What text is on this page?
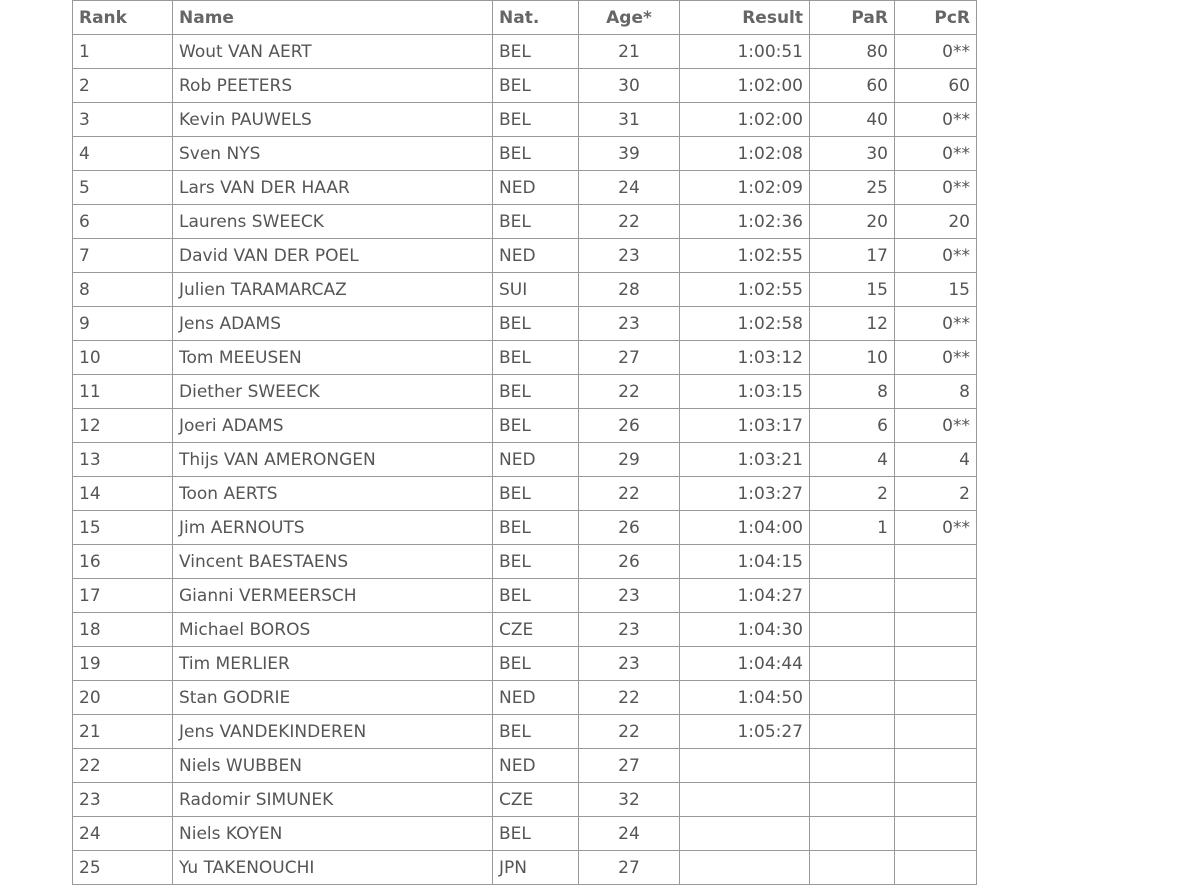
Rank	Name	Nat.	Age*	Result	PaR	PcR
1	Wout VAN AERT	BEL	21	1:00:51	80	0**
2	Rob PEETERS	BEL	30	1:02:00	60	60
3	Kevin PAUWELS	BEL	31	1:02:00	40	0**
4	Sven NYS	BEL	39	1:02:08	30	0**
5	Lars VAN DER HAAR	NED	24	1:02:09	25	0**
6	Laurens SWEECK	BEL	22	1:02:36	20	20
7	David VAN DER POEL	NED	23	1:02:55	17	0**
8	Julien TARAMARCAZ	SUI	28	1:02:55	15	15
9	Jens ADAMS	BEL	23	1:02:58	12	0**
10	Tom MEEUSEN	BEL	27	1:03:12	10	0**
11	Diether SWEECK	BEL	22	1:03:15	8	8
12	Joeri ADAMS	BEL	26	1:03:17	6	0**
13	Thijs VAN AMERONGEN	NED	29	1:03:21	4	4
14	Toon AERTS	BEL	22	1:03:27	2	2
15	Jim AERNOUTS	BEL	26	1:04:00	1	0**
16	Vincent BAESTAENS	BEL	26	1:04:15		
17	Gianni VERMEERSCH	BEL	23	1:04:27		
18	Michael BOROS	CZE	23	1:04:30		
19	Tim MERLIER	BEL	23	1:04:44		
20	Stan GODRIE	NED	22	1:04:50		
21	Jens VANDEKINDEREN	BEL	22	1:05:27		
22	Niels WUBBEN	NED	27			
23	Radomir SIMUNEK	CZE	32			
24	Niels KOYEN	BEL	24			
25	Yu TAKENOUCHI	JPN	27			
